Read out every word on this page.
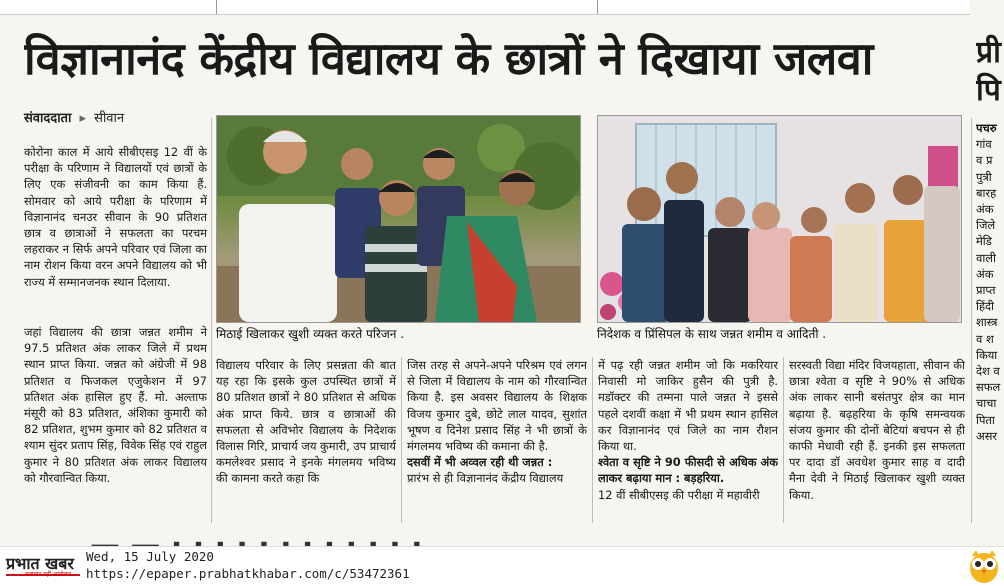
विज्ञानानंद केंद्रीय विद्यालय के छात्रों ने दिखाया जलवा	प्री
पि
संवाददाता ▸ सीवान
मिठाई खिलाकर खुशी व्यक्त करते परिजन .	निदेशक व प्रिंसिपल के साथ जन्नत शमीम व आदिती .

कोरोना काल में आये सीबीएसइ 12 वीं के परीक्षा के परिणाम ने विद्यालयों एवं छात्रों के लिए एक संजीवनी का काम किया हैं. सोमवार को आये परीक्षा के परिणाम में विज्ञानानंद चनउर सीवान के 90 प्रतिशत छात्र व छात्राओं ने सफलता का परचम लहराकर न सिर्फ अपने परिवार एवं जिला का नाम रोशन किया वरन अपने विद्यालय को भी राज्य में सम्मानजनक स्थान दिलाया.

जहां विद्यालय की छात्रा जन्नत शमीम ने 97.5 प्रतिशत अंक लाकर जिले में प्रथम स्थान प्राप्त किया. जन्नत को अंग्रेजी में 98 प्रतिशत व फिजकल एजुकेशन में 97 प्रतिशत अंक हासिल हुए हैं. मो. अल्ताफ मंसूरी को 83 प्रतिशत, अंशिका कुमारी को 82 प्रतिशत, शुभम कुमार को 82 प्रतिशत व श्याम सुंदर प्रताप सिंह, विवेक सिंह एवं राहुल कुमार ने 80 प्रतिशत अंक लाकर विद्यालय को गौरवान्वित किया.

विद्यालय परिवार के लिए प्रसन्नता की बात यह रहा कि इसके कुल उपस्थित छात्रों में 80 प्रतिशत छात्रों ने 80 प्रतिशत से अधिक अंक प्राप्त किये. छात्र व छात्राओं की सफलता से अविभोर विद्यालय के निदेशक विलास गिरि, प्राचार्य जय कुमारी, उप प्राचार्य कमलेश्वर प्रसाद ने इनके मंगलमय भविष्य की कामना करते कहा कि

जिस तरह से अपने-अपने परिश्रम एवं लगन से जिला में विद्यालय के नाम को गौरवान्वित किया है. इस अवसर विद्यालय के शिक्षक विजय कुमार दुबे, छोटे लाल यादव, सुशांत भूषण व दिनेश प्रसाद सिंह ने भी छात्रों के मंगलमय भविष्य की कमाना की है.

दसवीं में भी अव्वल रही थी जन्नत :

प्रारंभ से ही विज्ञानानंद केंद्रीय विद्यालय

में पढ़ रही जन्नत शमीम जो कि मकरियार निवासी मो जाकिर हुसैन की पुत्री है. मडॉक्टर की तम्मना पाले जन्नत ने इससे पहले दशवीं कक्षा में भी प्रथम स्थान हासिल कर विज्ञानानंद एवं जिले का नाम रौशन किया था.

श्वेता व सृष्टि ने 90 फीसदी से अधिक अंक लाकर बढ़ाया मान : बड़हरिया.

12 वीं सीबीएसइ की परीक्षा में महावीरी

सरस्वती विद्या मंदिर विजयहाता, सीवान की छात्रा श्वेता व सृष्टि ने 90% से अधिक अंक लाकर सानी बसंतपुर क्षेत्र का मान बढ़ाया है. बढ़हरिया के कृषि समन्वयक संजय कुमार की दोनों बेटियां बचपन से ही काफी मेधावी रही हैं. इनकी इस सफलता पर दादा डॉ अवधेश कुमार साह व दादी मैना देवी ने मिठाई खिलाकर खुशी व्यक्त किया.

पचरु
गांव
व प्र
पुत्री
बारह
अंक
जिले
मेडि
वाली
अंक
प्राप्त
हिंदी
शास्त्र
व श
किया
देश व
सफल
चाचा
पिता
असर
प्रभात खबर
अख़बार नहीं आंदोलन
Wed, 15 July 2020
https://epaper.prabhatkhabar.com/c/53472361
